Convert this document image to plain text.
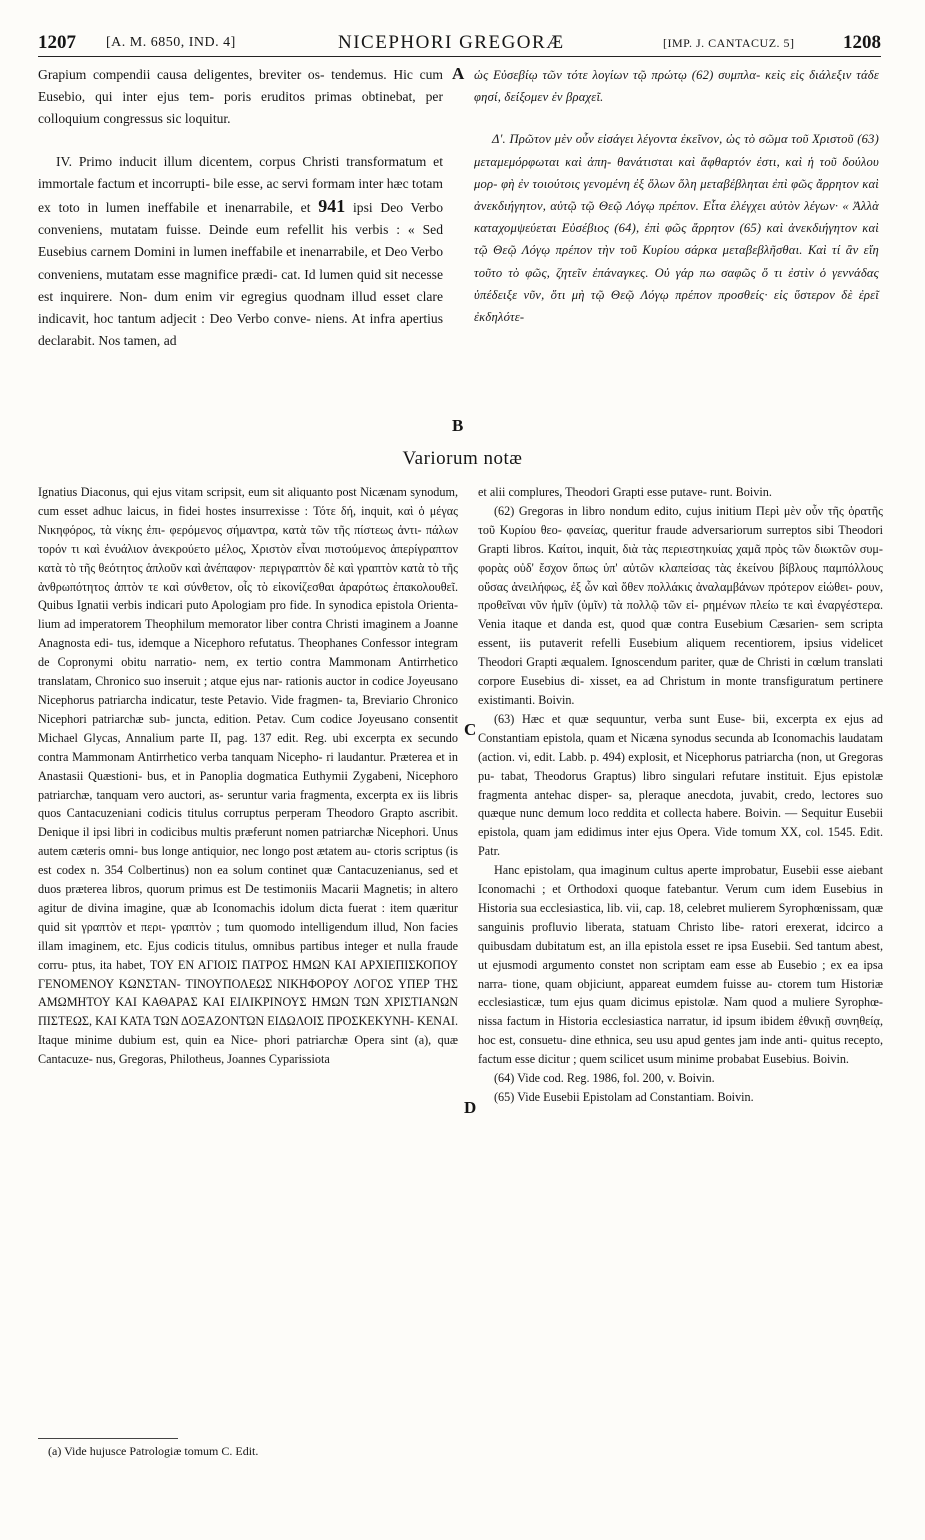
1207 [A. M. 6850, IND. 4]	NICEPHORI GREGORÆ	[IMP. J. CANTACUZ. 5]	1208

Grapium compendii causa deligentes, breviter os- tendemus. Hic cum Eusebio, qui inter ejus tem- poris eruditos primas obtinebat, per colloquium congressus sic loquitur.

IV. Primo inducit illum dicentem, corpus Christi transformatum et immortale factum et incorrupti- bile esse, ac servi formam inter hæc totam ex toto in lumen ineffabile et inenarrabile, et 941 ipsi Deo Verbo conveniens, mutatam fuisse. Deinde eum refellit his verbis : « Sed Eusebius carnem Domini in lumen ineffabile et inenarrabile, et Deo Verbo conveniens, mutatam esse magnifice prædi- cat. Id lumen quid sit necesse est inquirere. Non- dum enim vir egregius quodnam illud esset clare indicavit, hoc tantum adjecit : Deo Verbo conve- niens. At infra apertius declarabit. Nos tamen, ad

ὡς Εὐσεβίῳ τῶν τότε λογίων τῷ πρώτῳ (62) συμπλα- κεὶς εἰς διάλεξιν τάδε φησί, δείξομεν ἐν βραχεῖ.

Δ'. Πρῶτον μὲν οὖν εἰσάγει λέγοντα ἐκεῖνον, ὡς τὸ σῶμα τοῦ Χριστοῦ (63) μεταμεμόρφωται καὶ ἀπη- θανάτισται καὶ ἄφθαρτόν ἐστι, καὶ ἡ τοῦ δούλου μορ- φὴ ἐν τοιούτοις γενομένη ἐξ ὅλων ὅλη μεταβέβληται ἐπὶ φῶς ἄρρητον καὶ ἀνεκδιήγητον, αὐτῷ τῷ Θεῷ Λόγῳ πρέπον. Εἶτα ἐλέγχει αὐτὸν λέγων· « Ἀλλὰ καταχομψεύεται Εὐσέβιος (64), ἐπὶ φῶς ἄρρητον (65) καὶ ἀνεκδιήγητον καὶ τῷ Θεῷ Λόγῳ πρέπον τὴν τοῦ Κυρίου σάρκα μεταβεβλῆσθαι. Καὶ τί ἂν εἴη τοῦτο τὸ φῶς, ζητεῖν ἐπάναγκες. Οὐ γάρ πω σαφῶς ὅ τι ἐστὶν ὁ γεννάδας ὑπέδειξε νῦν, ὅτι μὴ τῷ Θεῷ Λόγῳ πρέπον προσθείς· εἰς ὕστερον δὲ ἐρεῖ ἐκδηλότε-

A
B
C
D
Variorum notæ

Ignatius Diaconus, qui ejus vitam scripsit, eum sit aliquanto post Nicænam synodum, cum esset adhuc laicus, in fidei hostes insurrexisse : Τότε δή, inquit, καὶ ὁ μέγας Νικηφόρος, τὰ νίκης ἐπι- φερόμενος σήμαντρα, κατὰ τῶν τῆς πίστεως ἀντι- πάλων τορόν τι καὶ ἐνυάλιον ἀνεκρούετο μέλος, Χριστὸν εἶναι πιστούμενος ἀπερίγραπτον κατὰ τὸ τῆς θεότητος ἁπλοῦν καὶ ἀνέπαφον· περιγραπτὸν δὲ καὶ γραπτὸν κατὰ τὸ τῆς ἀνθρωπότητος ἀπτὸν τε καὶ σύνθετον, οἷς τὸ εἰκονίζεσθαι ἀραρότως ἐπακολουθεῖ. Quibus Ignatii verbis indicari puto Apologiam pro fide. In synodica epistola Orienta- lium ad imperatorem Theophilum memorator liber contra Christi imaginem a Joanne Anagnosta edi- tus, idemque a Nicephoro refutatus. Theophanes Confessor integram de Copronymi obitu narratio- nem, ex tertio contra Mammonam Antirrhetico translatam, Chronico suo inseruit ; atque ejus nar- rationis auctor in codice Joyeusano Nicephorus patriarcha indicatur, teste Petavio. Vide fragmen- ta, Breviario Chronico Nicephori patriarchæ sub- juncta, edition. Petav. Cum codice Joyeusano consentit Michael Glycas, Annalium parte II, pag. 137 edit. Reg. ubi excerpta ex secundo contra Mammonam Antirrhetico verba tanquam Nicepho- ri laudantur. Præterea et in Anastasii Quæstioni- bus, et in Panoplia dogmatica Euthymii Zygabeni, Nicephoro patriarchæ, tanquam vero auctori, as- seruntur varia fragmenta, excerpta ex iis libris quos Cantacuzeniani codicis titulus corruptus perperam Theodoro Grapto ascribit. Denique il ipsi libri in codicibus multis præferunt nomen patriarchæ Nicephori. Unus autem cæteris omni- bus longe antiquior, nec longo post ætatem au- ctoris scriptus (is est codex n. 354 Colbertinus) non ea solum continet quæ Cantacuzenianus, sed et duos præterea libros, quorum primus est De testimoniis Macarii Magnetis; in altero agitur de divina imagine, quæ ab Iconomachis idolum dicta fuerat : item quæritur quid sit γραπτὸν et περι- γραπτὸν ; tum quomodo intelligendum illud, Non facies illam imaginem, etc. Ejus codicis titulus, omnibus partibus integer et nulla fraude corru- ptus, ita habet, ΤΟΥ ΕΝ ΑΓΙΟΙΣ ΠΑΤΡΟΣ ΗΜΩΝ ΚΑΙ ΑΡΧΙΕΠΙΣΚΟΠΟΥ ΓΕΝΟΜΕΝΟΥ ΚΩΝΣΤΑΝ- ΤΙΝΟΥΠΟΛΕΩΣ ΝΙΚΗΦΟΡΟΥ ΛΟΓΟΣ ΥΠΕΡ ΤΗΣ ΑΜΩΜΗΤΟΥ ΚΑΙ ΚΑΘΑΡΑΣ ΚΑΙ ΕΙΛΙΚΡΙΝΟΥΣ ΗΜΩΝ ΤΩΝ ΧΡΙΣΤΙΑΝΩΝ ΠΙΣΤΕΩΣ, ΚΑΙ ΚΑΤΑ ΤΩΝ ΔΟΞΑΖΟΝΤΩΝ ΕΙΔΩΛΟΙΣ ΠΡΟΣΚΕΚΥΝΗ- ΚΕΝΑΙ. Itaque minime dubium est, quin ea Nice- phori patriarchæ Opera sint (a), quæ Cantacuze- nus, Gregoras, Philotheus, Joannes Cyparissiota

et alii complures, Theodori Grapti esse putave- runt. Boivin.

(62) Gregoras in libro nondum edito, cujus initium Περὶ μὲν οὖν τῆς ὁρατῆς τοῦ Κυρίου θεο- φανείας, queritur fraude adversariorum surreptos sibi Theodori Grapti libros. Καίτοι, inquit, διὰ τὰς περιεστηκυίας χαμᾶ πρὸς τῶν διωκτῶν συμ- φορὰς οὐδ' ἔσχον ὅπως ὑπ' αὐτῶν κλαπείσας τὰς ἐκείνου βίβλους παμπόλλους οὔσας ἀνειλήφως, ἐξ ὧν καὶ ὅθεν πολλάκις ἀναλαμβάνων πρότερον εἰώθει- ρουν, προθεῖναι νῦν ἡμῖν (ὑμῖν) τὰ πολλῷ τῶν εἰ- ρημένων πλείω τε καὶ ἐναργέστερα. Venia itaque et danda est, quod quæ contra Eusebium Cæsarien- sem scripta essent, iis putaverit refelli Eusebium aliquem recentiorem, ipsius videlicet Theodori Grapti æqualem. Ignoscendum pariter, quæ de Christi in cœlum translati corpore Eusebius di- xisset, ea ad Christum in monte transfiguratum pertinere existimanti. Boivin.

(63) Hæc et quæ sequuntur, verba sunt Euse- bii, excerpta ex ejus ad Constantiam epistola, quam et Nicæna synodus secunda ab Iconomachis laudatam (action. vi, edit. Labb. p. 494) explosit, et Nicephorus patriarcha (non, ut Gregoras pu- tabat, Theodorus Graptus) libro singulari refutare instituit. Ejus epistolæ fragmenta antehac disper- sa, pleraque anecdota, juvabit, credo, lectores suo quæque nunc demum loco reddita et collecta habere. Boivin. — Sequitur Eusebii epistola, quam jam edidimus inter ejus Opera. Vide tomum XX, col. 1545. Edit. Patr.

Hanc epistolam, qua imaginum cultus aperte improbatur, Eusebii esse aiebant Iconomachi ; et Orthodoxi quoque fatebantur. Verum cum idem Eusebius in Historia sua ecclesiastica, lib. vii, cap. 18, celebret mulierem Syrophœnissam, quæ sanguinis profluvio liberata, statuam Christo libe- ratori erexerat, idcirco a quibusdam dubitatum est, an illa epistola esset re ipsa Eusebii. Sed tantum abest, ut ejusmodi argumento constet non scriptam eam esse ab Eusebio ; ex ea ipsa narra- tione, quam objiciunt, appareat eumdem fuisse au- ctorem tum Historiæ ecclesiasticæ, tum ejus quam dicimus epistolæ. Nam quod a muliere Syrophœ- nissa factum in Historia ecclesiastica narratur, id ipsum ibidem ἐθνικῇ συνηθείᾳ, hoc est, consuetu- dine ethnica, seu usu apud gentes jam inde anti- quitus recepto, factum esse dicitur ; quem scilicet usum minime probabat Eusebius. Boivin.

(64) Vide cod. Reg. 1986, fol. 200, v. Boivin.

(65) Vide Eusebii Epistolam ad Constantiam. Boivin.

(a) Vide hujusce Patrologiæ tomum C. Edit.
